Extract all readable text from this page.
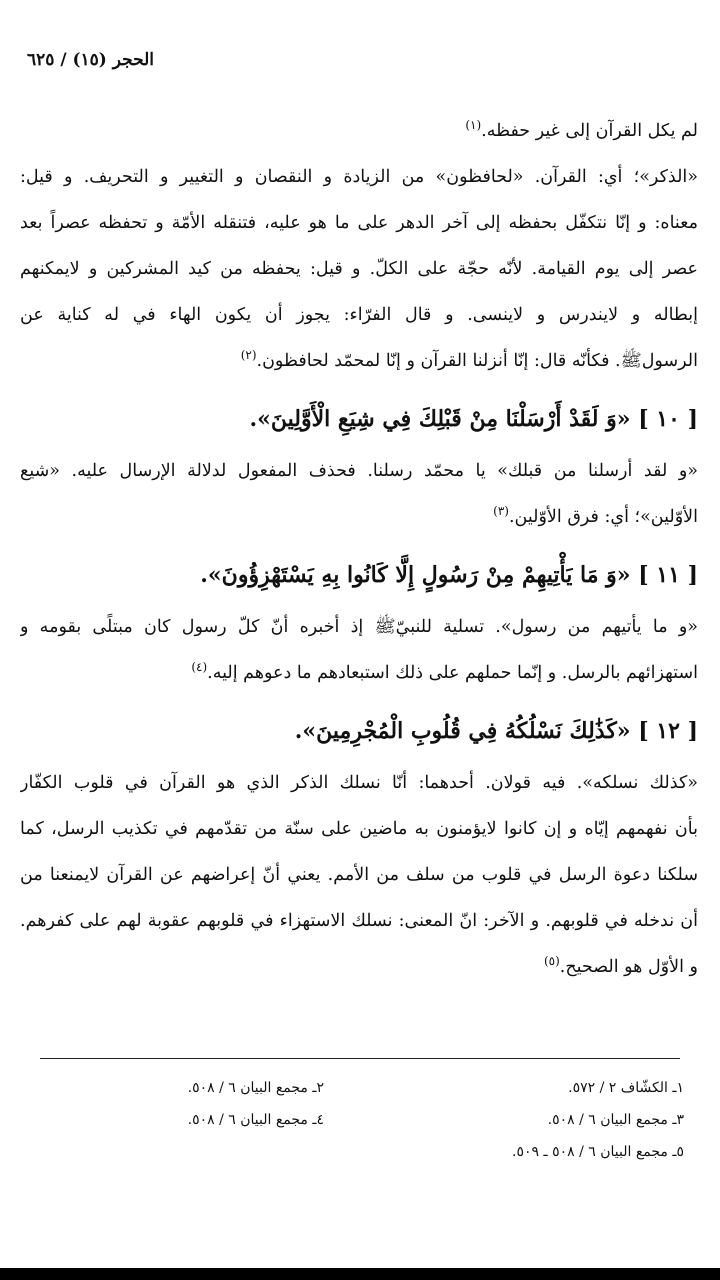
الحجر (١٥) / ٦٢٥
لم يكل القرآن إلى غير حفظه.$^{(١)}$
«الذكر»؛ أي: القرآن. «لحافظون» من الزيادة و النقصان و التغيير و التحريف. و قيل:
معناه: و إنّا نتكفّل بحفظه إلى آخر الدهر على ما هو عليه، فتنقله الأمّة و تحفظه عصراً بعد
عصر إلى يوم القيامة. لأنّه حجّة على الكلّ. و قيل: يحفظه من كيد المشركين و لايمكنهم
إبطاله و لايندرس و لاينسى. و قال الفرّاء: يجوز أن يكون الهاء في له كناية عن
الرسولﷺ. فكأنّه قال: إنّا أنزلنا القرآن و إنّا لمحمّد لحافظون.$^{(٢)}$
[ ١٠ ] «وَ لَقَدْ أَرْسَلْنَا مِنْ قَبْلِكَ فِي شِيَعِ الْأَوَّلِينَ».
«و لقد أرسلنا من قبلك» يا محمّد رسلنا. فحذف المفعول لدلالة الإرسال عليه. «شيع
الأوّلين»؛ أي: فرق الأوّلين.$^{(٣)}$
[ ١١ ] «وَ مَا يَأْتِيهِمْ مِنْ رَسُولٍ إِلَّا كَانُوا بِهِ يَسْتَهْزِؤُونَ».
«و ما يأتيهم من رسول». تسلية للنبيّﷺ إذ أخبره أنّ كلّ رسول كان مبتلًى بقومه و
استهزائهم بالرسل. و إنّما حملهم على ذلك استبعادهم ما دعوهم إليه.$^{(٤)}$
[ ١٢ ] «كَذَٰلِكَ نَسْلُكُهُ فِي قُلُوبِ الْمُجْرِمِينَ».
«كذلك نسلكه». فيه قولان. أحدهما: أنّا نسلك الذكر الذي هو القرآن في قلوب الكفّار
بأن نفهمهم إيّاه و إن كانوا لايؤمنون به ماضين على سنّة من تقدّمهم في تكذيب الرسل، كما
سلكنا دعوة الرسل في قلوب من سلف من الأمم. يعني أنّ إعراضهم عن القرآن لايمنعنا من
أن ندخله في قلوبهم. و الآخر: انّ المعنى: نسلك الاستهزاء في قلوبهم عقوبة لهم على كفرهم.
و الأوّل هو الصحيح.$^{(٥)}$
١ـ الكشّاف ٢ / ٥٧٢.
٢ـ مجمع البيان ٦ / ٥٠٨.
٣ـ مجمع البيان ٦ / ٥٠٨.
٤ـ مجمع البيان ٦ / ٥٠٨.
٥ـ مجمع البيان ٦ / ٥٠٨ ـ ٥٠٩.
